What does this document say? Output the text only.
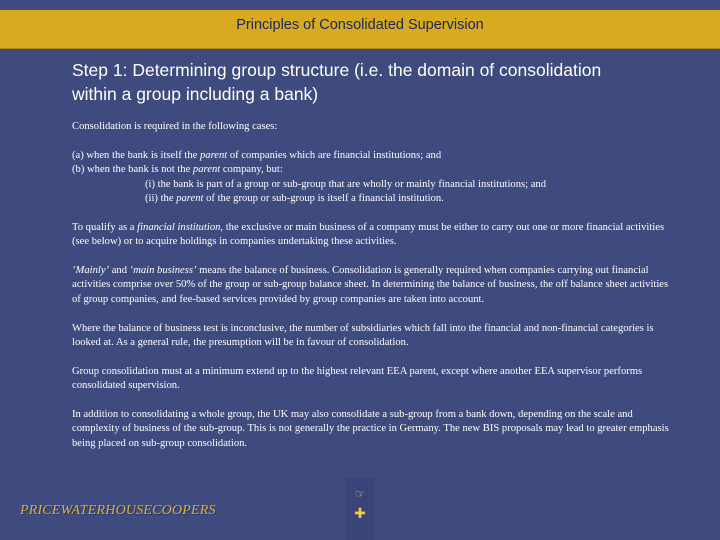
Principles of Consolidated Supervision
Step 1: Determining group structure (i.e. the domain of consolidation
within a group including a bank)

Consolidation is required in the following cases:

(a) when the bank is itself the parent of companies which are financial institutions; and

(b) when the bank is not the parent company, but:

(i) the bank is part of a group or sub-group that are wholly or mainly financial institutions; and

(ii) the parent of the group or sub-group is itself a financial institution.

To qualify as a financial institution, the exclusive or main business of a company must be either to carry out one or more financial activities (see below) or to acquire holdings in companies undertaking these activities.

‘Mainly’ and ‘main business’ means the balance of business. Consolidation is generally required when companies carrying out financial activities comprise over 50% of the group or sub-group balance sheet. In determining the balance of business, the off balance sheet activities of group companies, and fee-based services provided by group companies are taken into account.

Where the balance of business test is inconclusive, the number of subsidiaries which fall into the financial and non-financial categories is looked at. As a general rule, the presumption will be in favour of consolidation.

Group consolidation must at a minimum extend up to the highest relevant EEA parent, except where another EEA supervisor performs consolidated supervision.

In addition to consolidating a whole group, the UK may also consolidate a sub-group from a bank down, depending on the scale and complexity of business of the sub-group. This is not generally the practice in Germany. The new BIS proposals may lead to greater emphasis being placed on sub-group consolidation.

PRICEWATERHOUSECOOPERS
☞
✚
